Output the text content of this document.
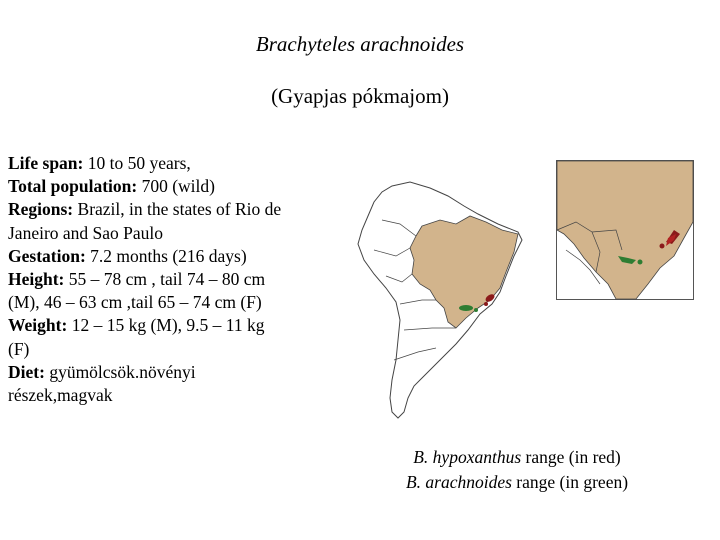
Brachyteles arachnoides
(Gyapjas pókmajom)

Life span: 10 to 50 years,

Total population: 700 (wild)

Regions: Brazil, in the states of Rio de Janeiro and Sao Paulo

Gestation: 7.2 months (216 days)

Height: 55 – 78 cm , tail 74 – 80 cm (M), 46 – 63 cm ,tail 65 – 74 cm (F)

Weight: 12 – 15 kg (M), 9.5 – 11 kg (F)

Diet: gyümölcsök.növényi részek,magvak

B. hypoxanthus range (in red)
B. arachnoides range (in green)
